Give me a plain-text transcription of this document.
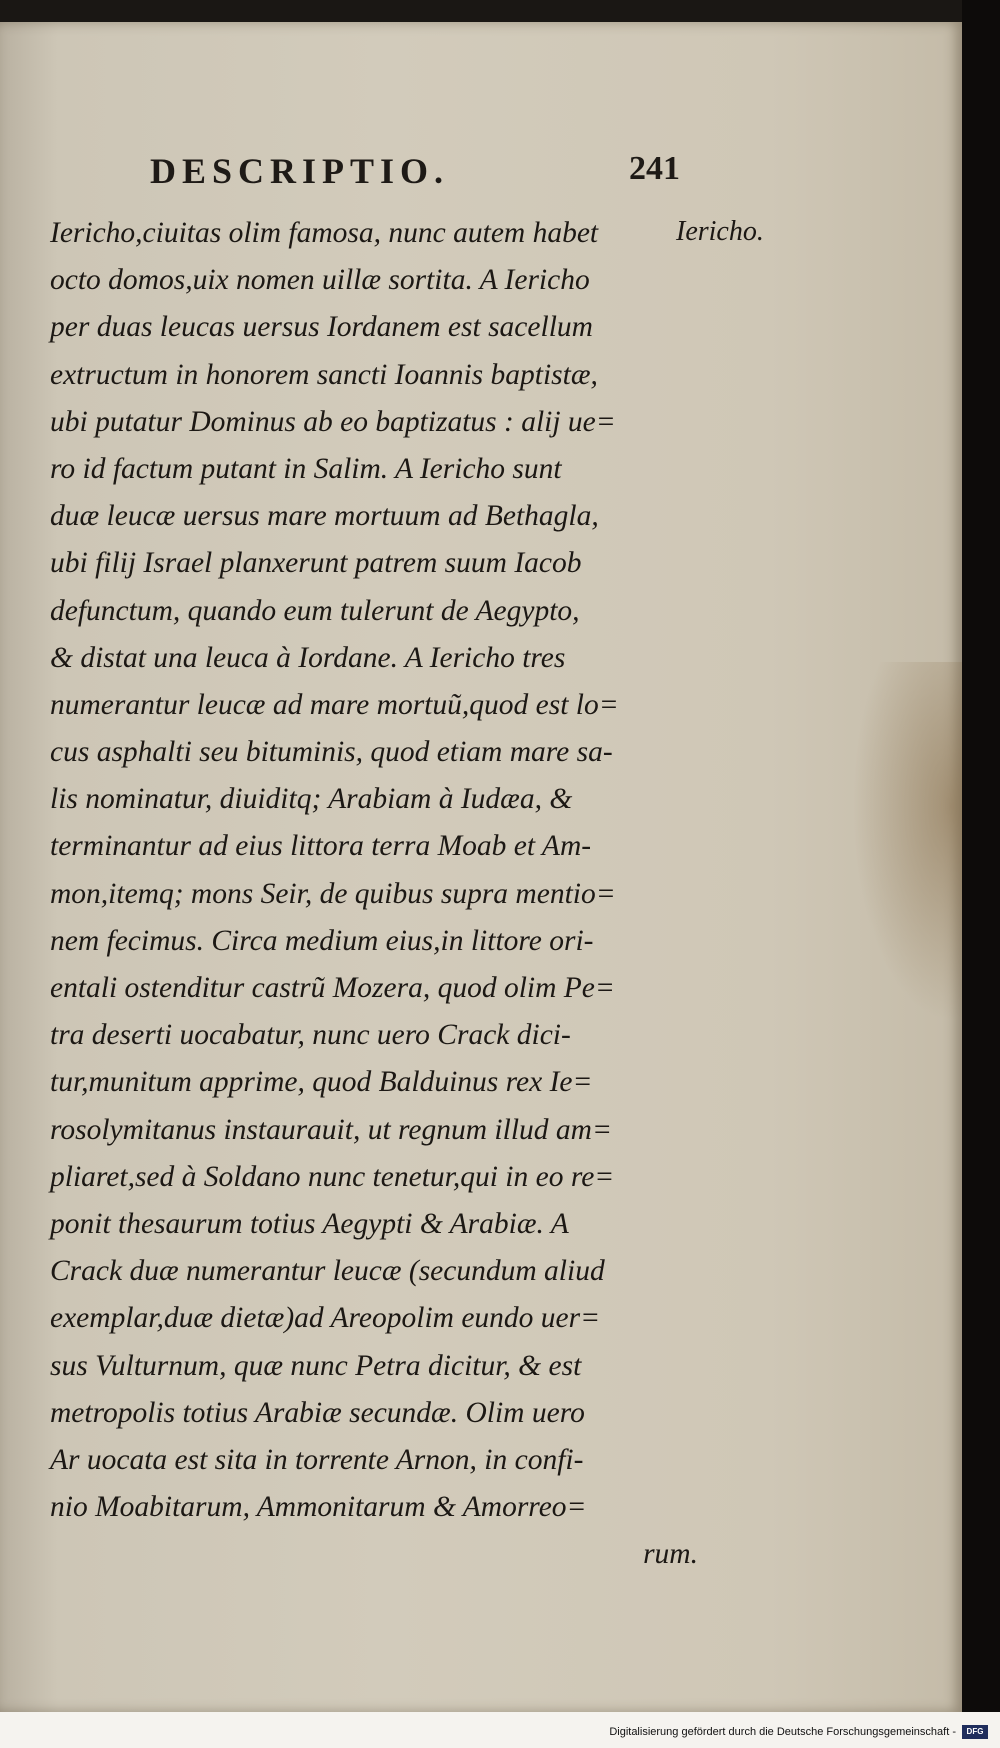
DESCRIPTIO.	241
Iericho.
Iericho,ciuitas olim famosa, nunc autem habet
octo domos,uix nomen uillæ sortita. A Iericho
per duas leucas uersus Iordanem est sacellum
extructum in honorem sancti Ioannis baptistæ,
ubi putatur Dominus ab eo baptizatus : alij ue=
ro id factum putant in Salim. A Iericho sunt
duæ leucæ uersus mare mortuum ad Bethagla,
ubi filij Israel planxerunt patrem suum Iacob
defunctum, quando eum tulerunt de Aegypto,
& distat una leuca à Iordane. A Iericho tres
numerantur leucæ ad mare mortuũ,quod est lo=
cus asphalti seu bituminis, quod etiam mare sa-
lis nominatur, diuiditq; Arabiam à Iudæa, &
terminantur ad eius littora terra Moab et Am-
mon,itemq; mons Seir, de quibus supra mentio=
nem fecimus. Circa medium eius,in littore ori-
entali ostenditur castrũ Mozera, quod olim Pe=
tra deserti uocabatur, nunc uero Crack dici-
tur,munitum apprime, quod Balduinus rex Ie=
rosolymitanus instaurauit, ut regnum illud am=
pliaret,sed à Soldano nunc tenetur,qui in eo re=
ponit thesaurum totius Aegypti & Arabiæ. A
Crack duæ numerantur leucæ (secundum aliud
exemplar,duæ dietæ)ad Areopolim eundo uer=
sus Vulturnum, quæ nunc Petra dicitur, & est
metropolis totius Arabiæ secundæ. Olim uero
Ar uocata est sita in torrente Arnon, in confi-
nio Moabitarum, Ammonitarum & Amorreo=
rum.
Digitalisierung gefördert durch die Deutsche Forschungsgemeinschaft -	DFG
